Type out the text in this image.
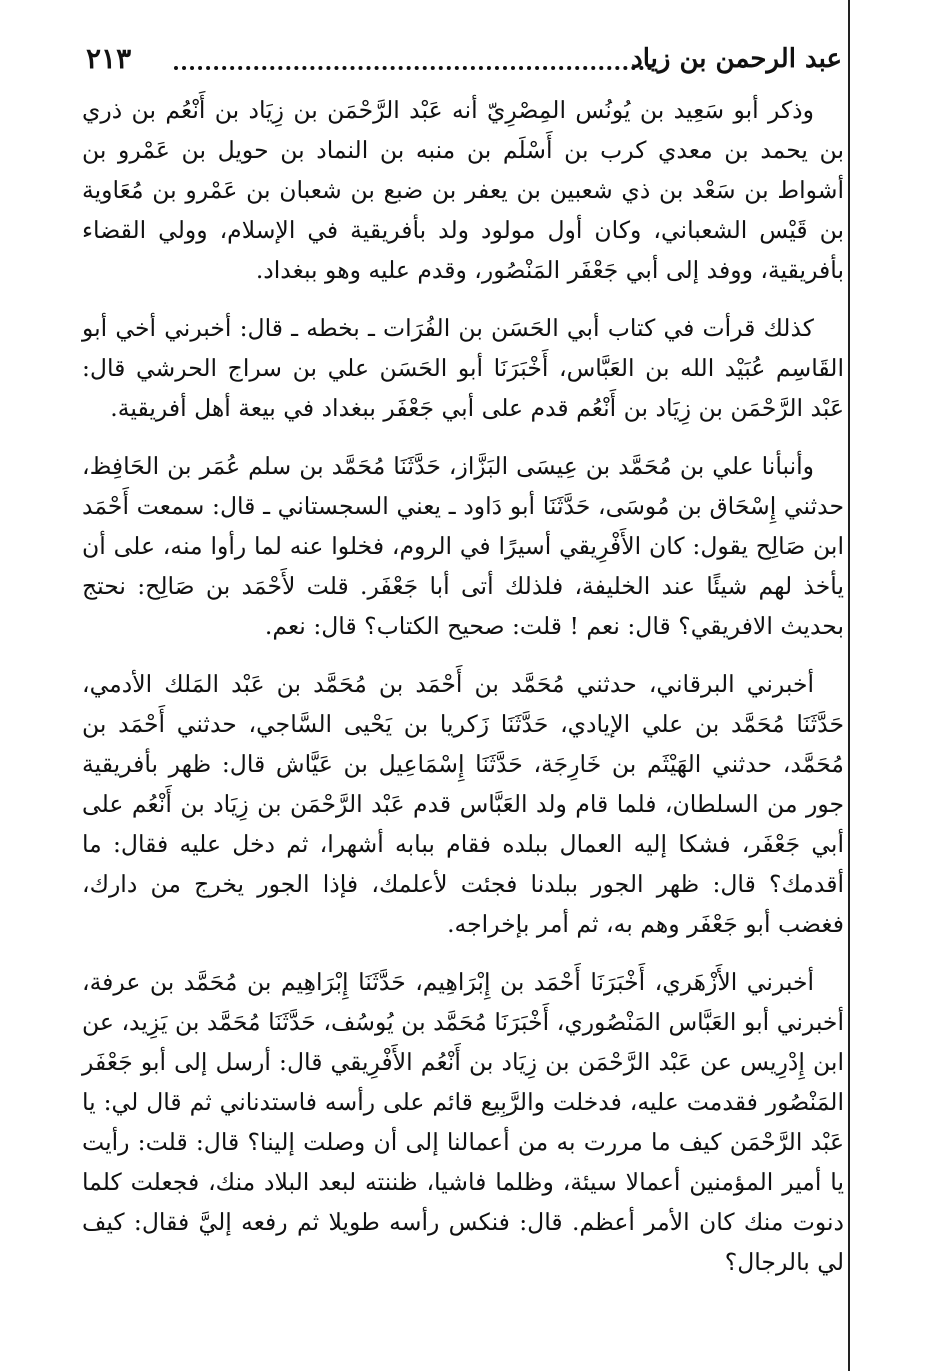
عبد الرحمن بن زياد
٢١٣

وذكر أبو سَعِيد بن يُونُس المِصْرِيّ أنه عَبْد الرَّحْمَن بن زِيَاد بن أَنْعُم بن ذري بن يحمد بن معدي كرب بن أَسْلَم بن منبه بن النماد بن حويل بن عَمْرو بن أشواط بن سَعْد بن ذي شعبين بن يعفر بن ضبع بن شعبان بن عَمْرو بن مُعَاوية بن قَيْس الشعباني، وكان أول مولود ولد بأفريقية في الإسلام، وولي القضاء بأفريقية، ووفد إلى أبي جَعْفَر المَنْصُور، وقدم عليه وهو ببغداد.

كذلك قرأت في كتاب أبي الحَسَن بن الفُرَات ـ بخطه ـ قال: أخبرني أخي أبو القَاسِم عُبَيْد الله بن العَبَّاس، أَخْبَرَنَا أبو الحَسَن علي بن سراج الحرشي قال: عَبْد الرَّحْمَن بن زِيَاد بن أَنْعُم قدم على أبي جَعْفَر ببغداد في بيعة أهل أفريقية.

وأنبأنا علي بن مُحَمَّد بن عِيسَى البَزَّاز، حَدَّثَنَا مُحَمَّد بن سلم عُمَر بن الحَافِظ، حدثني إِسْحَاق بن مُوسَى، حَدَّثَنَا أبو دَاود ـ يعني السجستاني ـ قال: سمعت أَحْمَد ابن صَالِح يقول: كان الأَفْرِيقي أسيرًا في الروم، فخلوا عنه لما رأوا منه، على أن يأخذ لهم شيئًا عند الخليفة، فلذلك أتى أبا جَعْفَر. قلت لأَحْمَد بن صَالِح: نحتج بحديث الافريقي؟ قال: نعم ! قلت: صحيح الكتاب؟ قال: نعم.

أخبرني البرقاني، حدثني مُحَمَّد بن أَحْمَد بن مُحَمَّد بن عَبْد المَلك الأدمي، حَدَّثَنَا مُحَمَّد بن علي الإيادي، حَدَّثَنَا زَكريا بن يَحْيى السَّاجي، حدثني أَحْمَد بن مُحَمَّد، حدثني الهَيْثَم بن خَارِجَة، حَدَّثَنَا إِسْمَاعِيل بن عَيَّاش قال: ظهر بأفريقية جور من السلطان، فلما قام ولد العَبَّاس قدم عَبْد الرَّحْمَن بن زِيَاد بن أَنْعُم على أبي جَعْفَر، فشكا إليه العمال ببلده فقام ببابه أشهرا، ثم دخل عليه فقال: ما أقدمك؟ قال: ظهر الجور ببلدنا فجئت لأعلمك، فإذا الجور يخرج من دارك، فغضب أبو جَعْفَر وهم به، ثم أمر بإخراجه.

أخبرني الأَزْهَري، أَخْبَرَنَا أَحْمَد بن إِبْرَاهِيم، حَدَّثَنَا إِبْرَاهِيم بن مُحَمَّد بن عرفة، أخبرني أبو العَبَّاس المَنْصُوري، أَخْبَرَنَا مُحَمَّد بن يُوسُف، حَدَّثَنَا مُحَمَّد بن يَزِيد، عن ابن إِدْرِيس عن عَبْد الرَّحْمَن بن زِيَاد بن أَنْعُم الأَفْرِيقي قال: أرسل إلى أبو جَعْفَر المَنْصُور فقدمت عليه، فدخلت والرَّبِيع قائم على رأسه فاستدناني ثم قال لي: يا عَبْد الرَّحْمَن كيف ما مررت به من أعمالنا إلى أن وصلت إلينا؟ قال: قلت: رأيت يا أمير المؤمنين أعمالا سيئة، وظلما فاشيا، ظننته لبعد البلاد منك، فجعلت كلما دنوت منك كان الأمر أعظم. قال: فنكس رأسه طويلا ثم رفعه إليَّ فقال: كيف لي بالرجال؟
